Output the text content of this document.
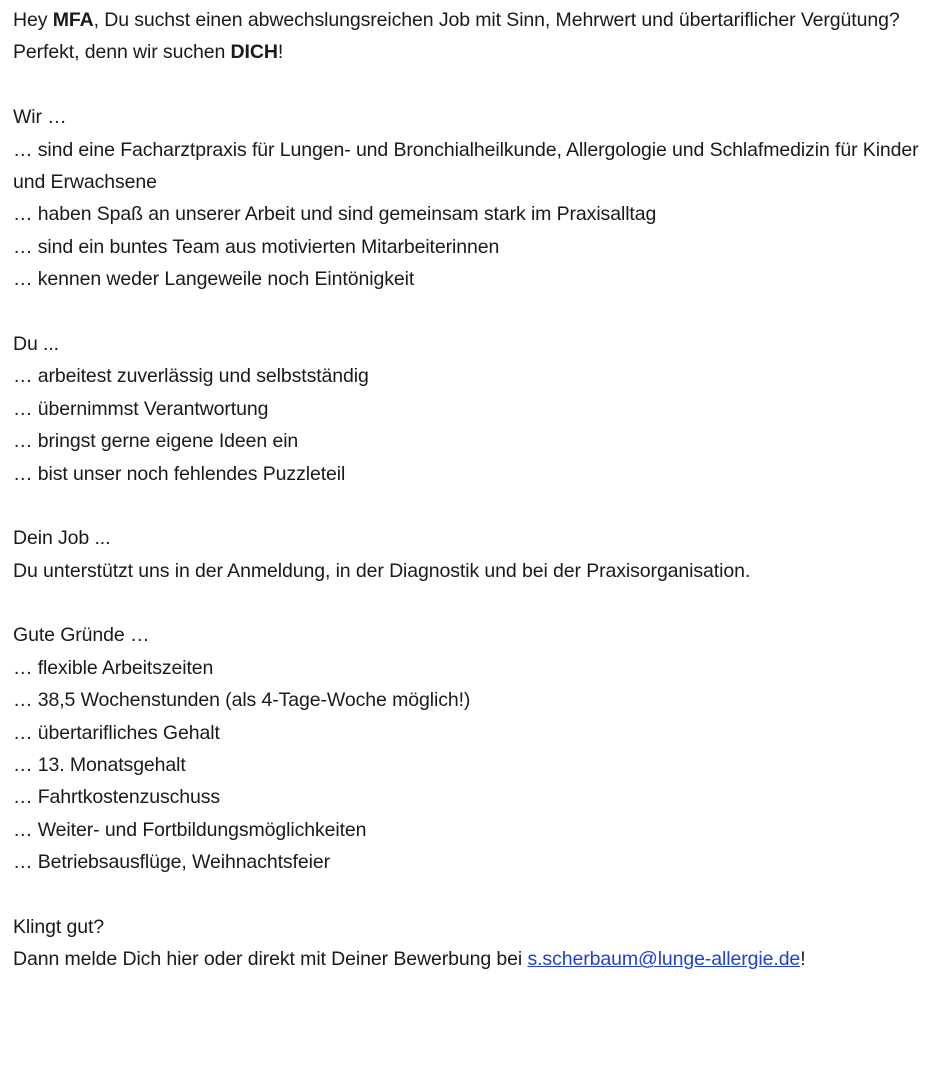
Hey MFA, Du suchst einen abwechslungsreichen Job mit Sinn, Mehrwert und übertariflicher Vergütung? Perfekt, denn wir suchen DICH!
Wir …
… sind eine Facharztpraxis für Lungen- und Bronchialheilkunde, Allergologie und Schlafmedizin für Kinder und Erwachsene
… haben Spaß an unserer Arbeit und sind gemeinsam stark im Praxisalltag
… sind ein buntes Team aus motivierten Mitarbeiterinnen
… kennen weder Langeweile noch Eintönigkeit
Du ...
… arbeitest zuverlässig und selbstständig
… übernimmst Verantwortung
… bringst gerne eigene Ideen ein
… bist unser noch fehlendes Puzzleteil
Dein Job ...
Du unterstützt uns in der Anmeldung, in der Diagnostik und bei der Praxisorganisation.
Gute Gründe …
… flexible Arbeitszeiten
… 38,5 Wochenstunden (als 4-Tage-Woche möglich!)
… übertarifliches Gehalt
… 13. Monatsgehalt
… Fahrtkostenzuschuss
… Weiter- und Fortbildungsmöglichkeiten
… Betriebsausflüge, Weihnachtsfeier
Klingt gut?
Dann melde Dich hier oder direkt mit Deiner Bewerbung bei s.scherbaum@lunge-allergie.de!
